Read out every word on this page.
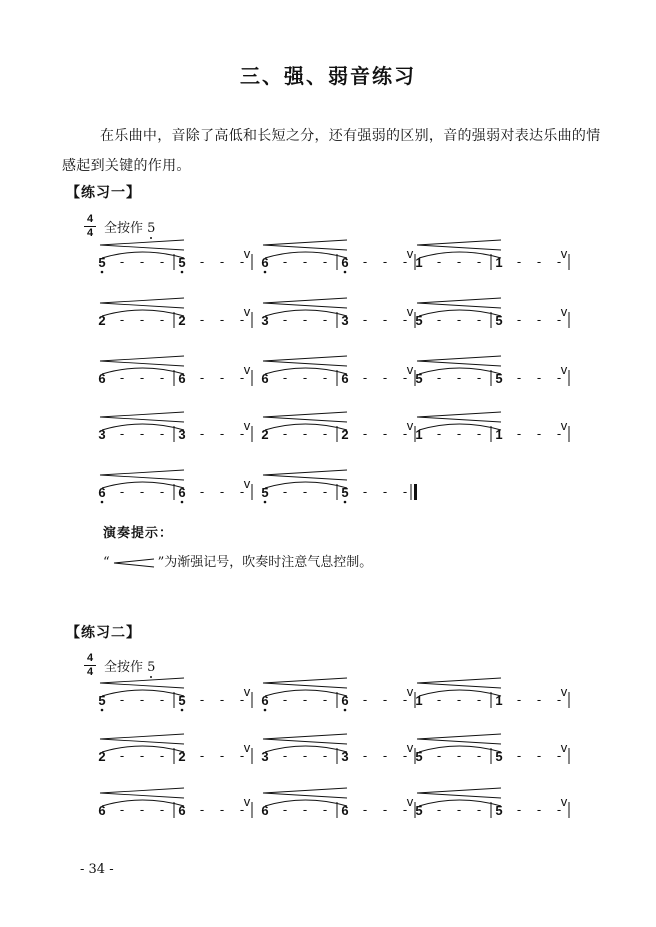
三、强、弱音练习
在乐曲中，音除了高低和长短之分，还有强弱的区别，音的强弱对表达乐曲的情感起到关键的作用。
【练习一】
4
4 全按作 5
【练习二】
4
4 全按作 5
5 - - - 5 - - -
v
6 - - - 6 - - -
v
1 - - - 1 - - -
v
2 - - - 2 - - -
v
3 - - - 3 - - -
v
5 - - - 5 - - -
v
6 - - - 6 - - -
v
6 - - - 6 - - -
v
5 - - - 5 - - -
v
3 - - - 3 - - -
v
2 - - - 2 - - -
v
1 - - - 1 - - -
v
6 - - - 6 - - -
v
5 - - - 5 - - -
5 - - - 5 - - -
v
6 - - - 6 - - -
v
1 - - - 1 - - -
v
2 - - - 2 - - -
v
3 - - - 3 - - -
v
5 - - - 5 - - -
v
6 - - - 6 - - -
v
6 - - - 6 - - -
v
5 - - - 5 - - -
v
演奏提示：
“	”为渐强记号，吹奏时注意气息控制。
- 34 -
